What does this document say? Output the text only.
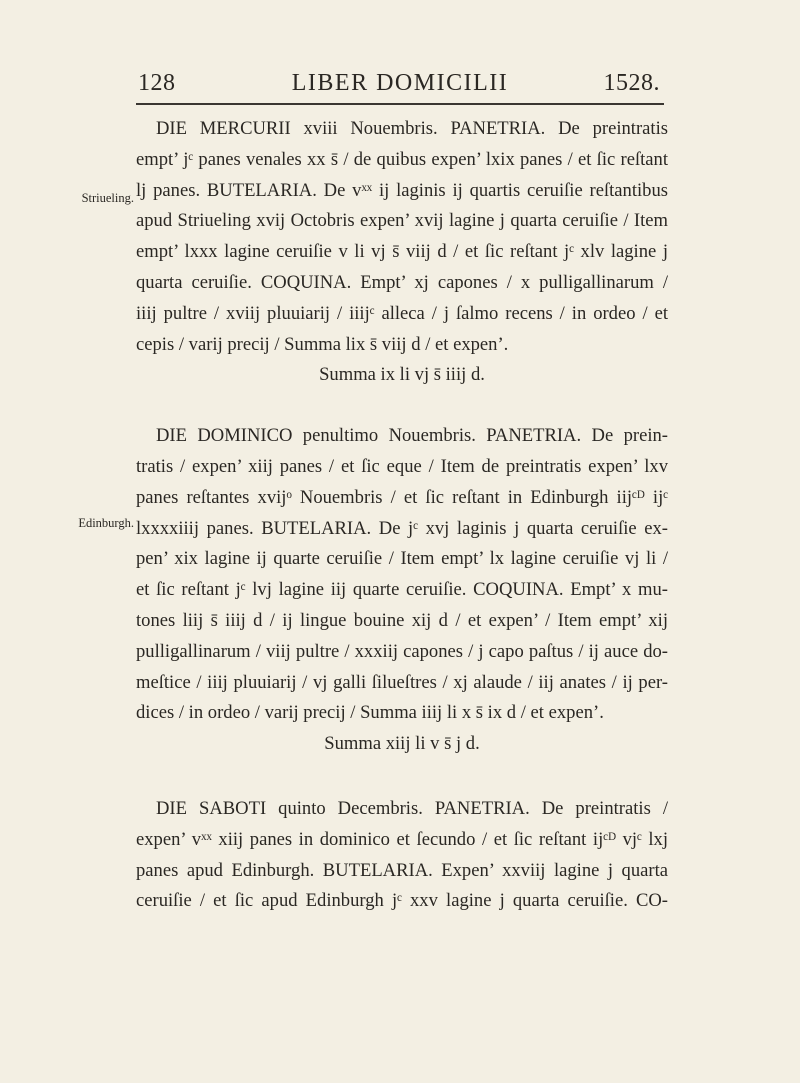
128	LIBER DOMICILII	1528.
Striueling.
Edinburgh.
DIE MERCURII xviii Nouembris. PANETRIA. De preintratis
empt’ jᶜ panes venales xx s̄ / de quibus expen’ lxix panes / et ſic reſtant
lj panes. BUTELARIA. De vˣˣ ij laginis ij quartis ceruiſie reſtantibus
apud Striueling xvij Octobris expen’ xvij lagine j quarta ceruiſie / Item
empt’ lxxx lagine ceruiſie v li vj s̄ viij d / et ſic reſtant jᶜ xlv lagine j
quarta ceruiſie. COQUINA. Empt’ xj capones / x pulligallinarum /
iiij pultre / xviij pluuiarij / iiijᶜ alleca / j ſalmo recens / in ordeo / et
cepis / varij precij / Summa lix s̄ viij d / et expen’.
Summa ix li vj s̄ iiij d.
DIE DOMINICO penultimo Nouembris. PANETRIA. De prein-
tratis / expen’ xiij panes / et ſic eque / Item de preintratis expen’ lxv
panes reſtantes xvijᵒ Nouembris / et ſic reſtant in Edinburgh iijᶜᴰ ijᶜ
lxxxxiiij panes. BUTELARIA. De jᶜ xvj laginis j quarta ceruiſie ex-
pen’ xix lagine ij quarte ceruiſie / Item empt’ lx lagine ceruiſie vj li /
et ſic reſtant jᶜ lvj lagine iij quarte ceruiſie. COQUINA. Empt’ x mu-
tones liij s̄ iiij d / ij lingue bouine xij d / et expen’ / Item empt’ xij
pulligallinarum / viij pultre / xxxiij capones / j capo paſtus / ij auce do-
meſtice / iiij pluuiarij / vj galli ſilueſtres / xj alaude / iij anates / ij per-
dices / in ordeo / varij precij / Summa iiij li x s̄ ix d / et expen’.
Summa xiij li v s̄ j d.
DIE SABOTI quinto Decembris. PANETRIA. De preintratis /
expen’ vˣˣ xiij panes in dominico et ſecundo / et ſic reſtant ijᶜᴰ vjᶜ lxj
panes apud Edinburgh. BUTELARIA. Expen’ xxviij lagine j quarta
ceruiſie / et ſic apud Edinburgh jᶜ xxv lagine j quarta ceruiſie. CO-
